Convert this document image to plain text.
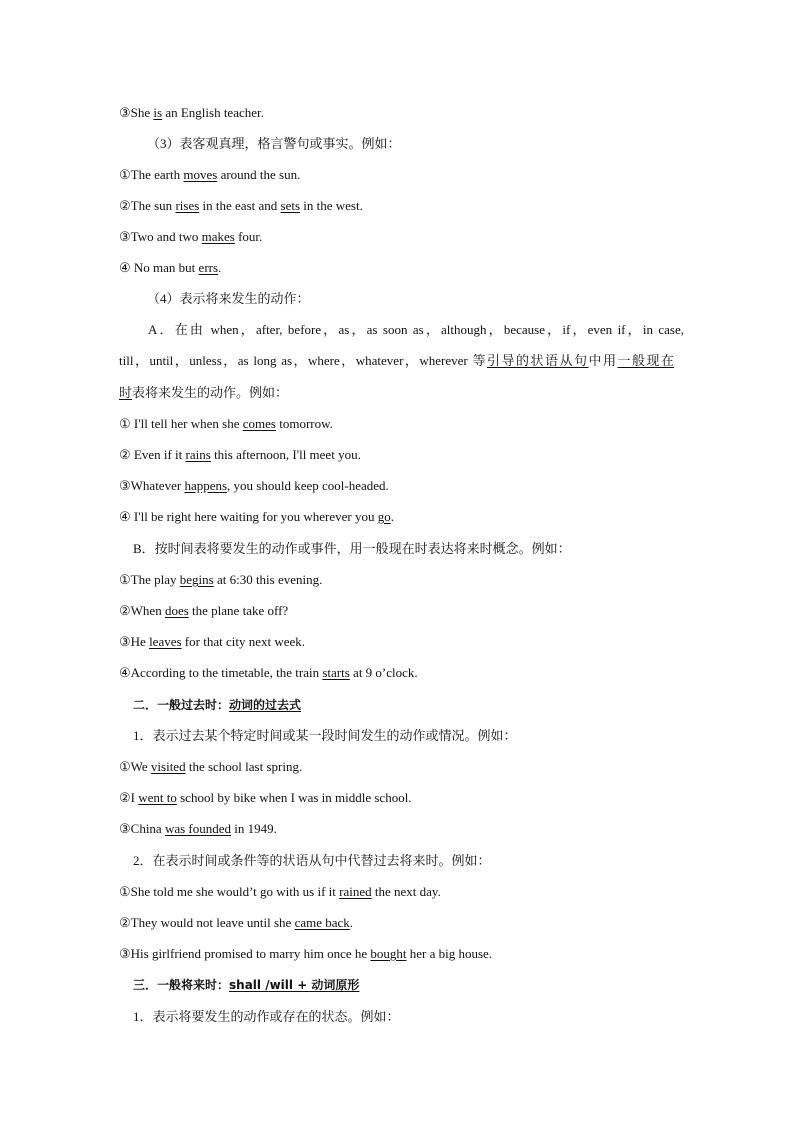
③She is an English teacher.
（3）表客观真理，格言警句或事实。例如：
①The earth moves around the sun.
②The sun rises in the east and sets in the west.
③Two and two makes four.
④ No man but errs.
（4）表示将来发生的动作：
A．在由 when，after, before，as，as soon as，although，because，if，even if，in case,
till，until，unless，as long as，where，whatever，wherever 等引导的状语从句中用一般现在
时表将来发生的动作。例如：
① I'll tell her when she comes tomorrow.
② Even if it rains this afternoon, I'll meet you.
③Whatever happens, you should keep cool-headed.
④ I'll be right here waiting for you wherever you go.
B．按时间表将要发生的动作或事件，用一般现在时表达将来时概念。例如：
①The play begins at 6:30 this evening.
②When does the plane take off?
③He leaves for that city next week.
④According to the timetable, the train starts at 9 o’clock.
二．一般过去时：动词的过去式
1．表示过去某个特定时间或某一段时间发生的动作或情况。例如：
①We visited the school last spring.
②I went to school by bike when I was in middle school.
③China was founded in 1949.
2．在表示时间或条件等的状语从句中代替过去将来时。例如：
①She told me she would’t go with us if it rained the next day.
②They would not leave until she came back.
③His girlfriend promised to marry him once he bought her a big house.
三．一般将来时：shall /will + 动词原形
1．表示将要发生的动作或存在的状态。例如：
